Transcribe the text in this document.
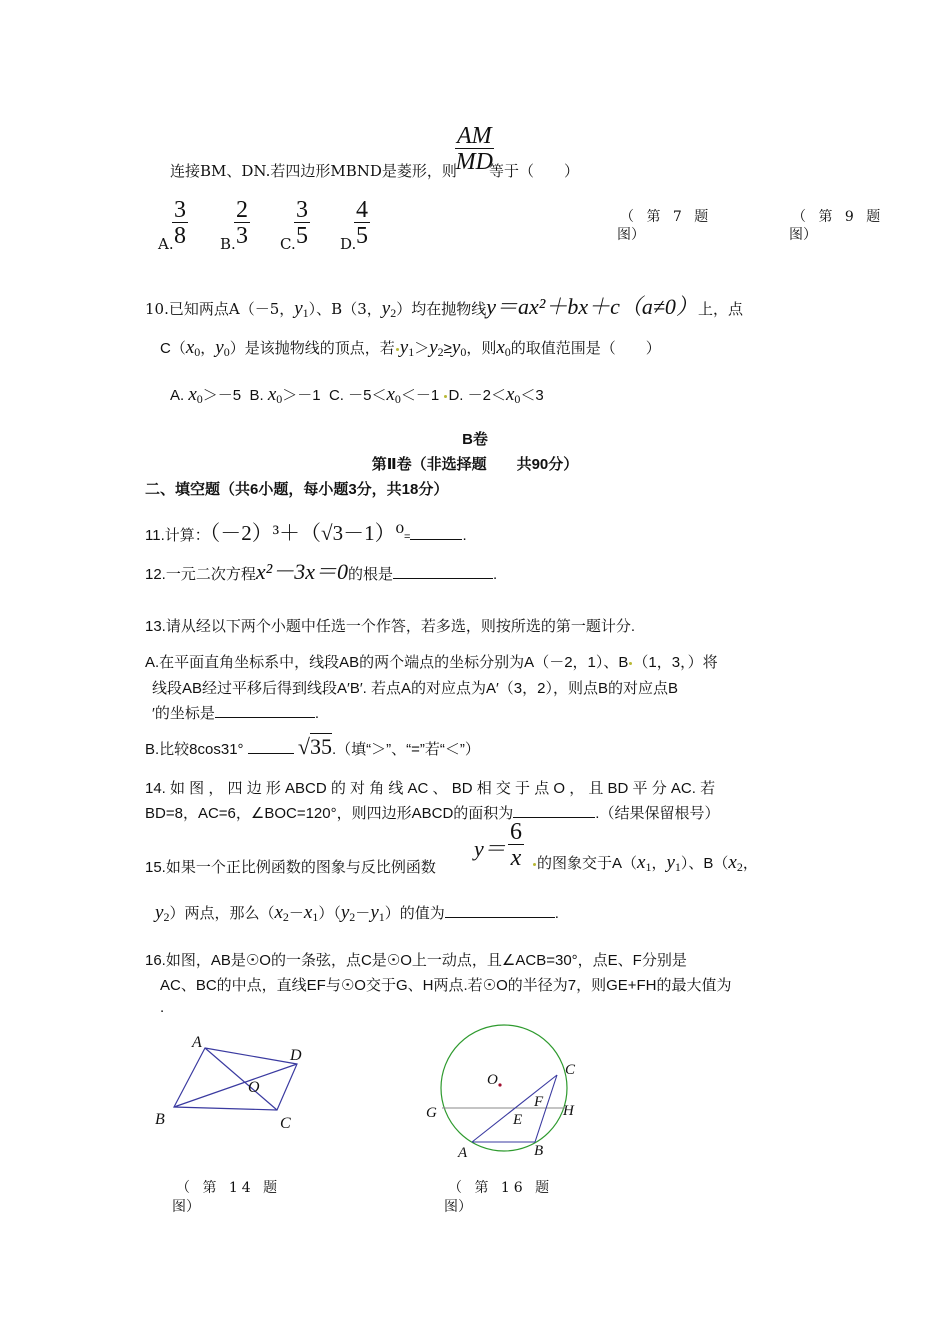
$\frac{AM}{MD}$
连接BM、DN.若四边形MBND是菱形，则 等于（　　）
A.
$\frac{3}{8} B$.
$\frac{2}{3} C$.
$\frac{3}{5} D$.
$\frac{4}{5}$	（ 第 7 题
图）
（ 第 9 题
图）
10.已知两点A（－5，$y_1$）、B（3，$y_2$）均在抛物线y＝ax²＋bx＋c（a≠0）上，点
$C(x_0$，$y_0$）是该抛物线的顶点，若 $y_1>y_2\ge y_0$，则$x_0$的取值范围是（　　）
A. $x_0>-5$ B. $x_0>-1$ C. $-5<x_0<-1$ D. $-2<x_0<3$
B卷
第Ⅱ卷（非选择题　　共90分）
二、填空题（共6小题，每小题3分，共18分）
11.计算：（－2）³＋（√3－1）⁰=	.
12.一元二次方程x²－3x＝0的根是	.
13.请从经以下两个小题中任选一个作答，若多选，则按所选的第一题计分.
A.在平面直角坐标系中，线段AB的两个端点的坐标分别为A（－2，1）、B （1，3，）将
线段AB经过平移后得到线段A′B′. 若点A的对应点为A′（3，2），则点B的对应点B
′的坐标是	.
B.比较8cos31° √35.（填“＞”、“=”若“＜”）
14. 如 图 ， 四 边 形 ABCD 的 对 角 线 AC 、 BD 相 交 于 点 O ， 且 BD 平 分 AC. 若
BD=8，AC=6，∠BOC=120°，则四边形ABCD的面积为	.（结果保留根号）
$y= \frac{6}{x}$
15.如果一个正比例函数的图象与反比例函数	的图象交于$A(x_1$，$y_1$）、$B(x_2$，
$y_2$）两点，那么$(x_2-x_1)(y_2-y_1)$的值为	.
16.如图，AB是☉O的一条弦，点C是☉O上一动点，且∠ACB=30°，点E、F分别是
AC、BC的中点，直线EF与☉O交于G、H两点.若☉O的半径为7，则GE+FH的最大值为
.
A
D
O
B	C
（ 第 14 题
图）
O
C
F
G	H
E
A	B
（ 第 16 题
图）
